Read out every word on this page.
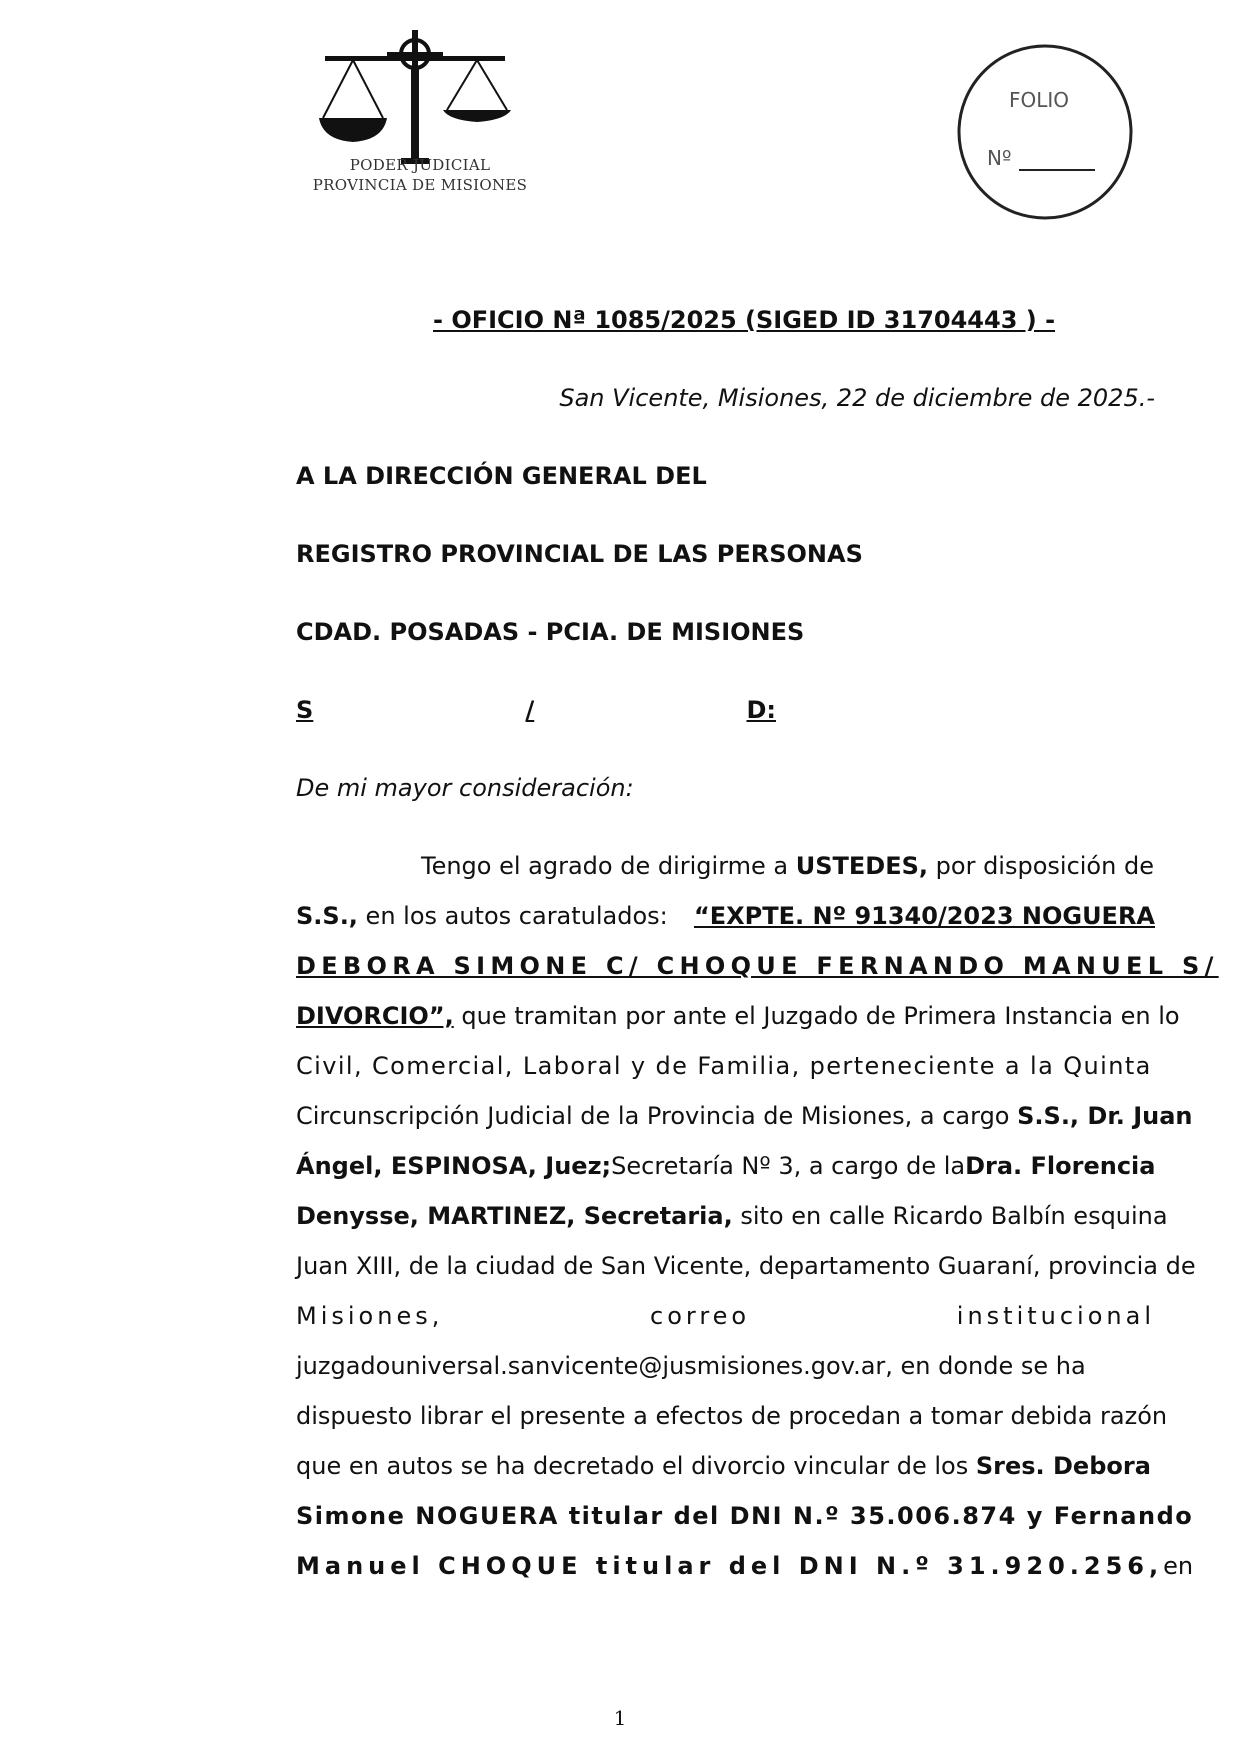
PODER JUDICIAL
PROVINCIA DE MISIONES
FOLIO
Nº
- OFICIO Nª 1085/2025 (SIGED ID 31704443 ) -
San Vicente, Misiones, 22 de diciembre de 2025.-
A LA DIRECCIÓN GENERAL DEL
REGISTRO PROVINCIAL DE LAS PERSONAS
CDAD. POSADAS - PCIA. DE MISIONES
S	/	D:
De mi mayor consideración:
Tengo el agrado de dirigirme a USTEDES, por disposición de
S.S., en los autos caratulados: “EXPTE. Nº 91340/2023 NOGUERA
DEBORA SIMONE C/ CHOQUE FERNANDO MANUEL S/
DIVORCIO”, que tramitan por ante el Juzgado de Primera Instancia en lo
Civil, Comercial, Laboral y de Familia, perteneciente a la Quinta
Circunscripción Judicial de la Provincia de Misiones, a cargo S.S., Dr. Juan
Ángel, ESPINOSA, Juez; Secretaría Nº 3, a cargo de la Dra. Florencia
Denysse, MARTINEZ, Secretaria, sito en calle Ricardo Balbín esquina
Juan XIII, de la ciudad de San Vicente, departamento Guaraní, provincia de
Misiones,	correo	institucional
juzgadouniversal.sanvicente@jusmisiones.gov.ar, en donde se ha
dispuesto librar el presente a efectos de procedan a tomar debida razón
que en autos se ha decretado el divorcio vincular de los Sres. Debora
Simone NOGUERA titular del DNI N.º 35.006.874 y Fernando
Manuel CHOQUE titular del DNI N.º 31.920.256, en
1
